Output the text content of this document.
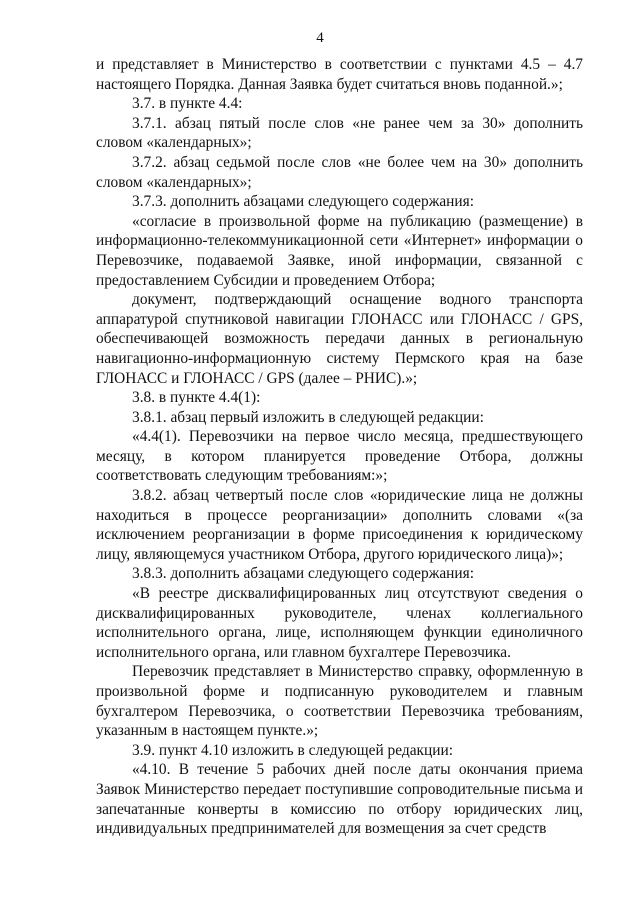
4

и представляет в Министерство в соответствии с пунктами 4.5 – 4.7 настоящего Порядка. Данная Заявка будет считаться вновь поданной.»;

3.7. в пункте 4.4:

3.7.1. абзац пятый после слов «не ранее чем за 30» дополнить словом «календарных»;

3.7.2. абзац седьмой после слов «не более чем на 30» дополнить словом «календарных»;

3.7.3. дополнить абзацами следующего содержания:

«согласие в произвольной форме на публикацию (размещение) в информационно-телекоммуникационной сети «Интернет» информации о Перевозчике, подаваемой Заявке, иной информации, связанной с предоставлением Субсидии и проведением Отбора;

документ, подтверждающий оснащение водного транспорта аппаратурой спутниковой навигации ГЛОНАСС или ГЛОНАСС / GPS, обеспечивающей возможность передачи данных в региональную навигационно-информационную систему Пермского края на базе ГЛОНАСС и ГЛОНАСС / GPS (далее – РНИС).»;

3.8. в пункте 4.4(1):

3.8.1. абзац первый изложить в следующей редакции:

«4.4(1). Перевозчики на первое число месяца, предшествующего месяцу, в котором планируется проведение Отбора, должны соответствовать следующим требованиям:»;

3.8.2. абзац четвертый после слов «юридические лица не должны находиться в процессе реорганизации» дополнить словами «(за исключением реорганизации в форме присоединения к юридическому лицу, являющемуся участником Отбора, другого юридического лица)»;

3.8.3. дополнить абзацами следующего содержания:

«В реестре дисквалифицированных лиц отсутствуют сведения о дисквалифицированных руководителе, членах коллегиального исполнительного органа, лице, исполняющем функции единоличного исполнительного органа, или главном бухгалтере Перевозчика.

Перевозчик представляет в Министерство справку, оформленную в произвольной форме и подписанную руководителем и главным бухгалтером Перевозчика, о соответствии Перевозчика требованиям, указанным в настоящем пункте.»;

3.9. пункт 4.10 изложить в следующей редакции:

«4.10. В течение 5 рабочих дней после даты окончания приема Заявок Министерство передает поступившие сопроводительные письма и запечатанные конверты в комиссию по отбору юридических лиц, индивидуальных предпринимателей для возмещения за счет средств
